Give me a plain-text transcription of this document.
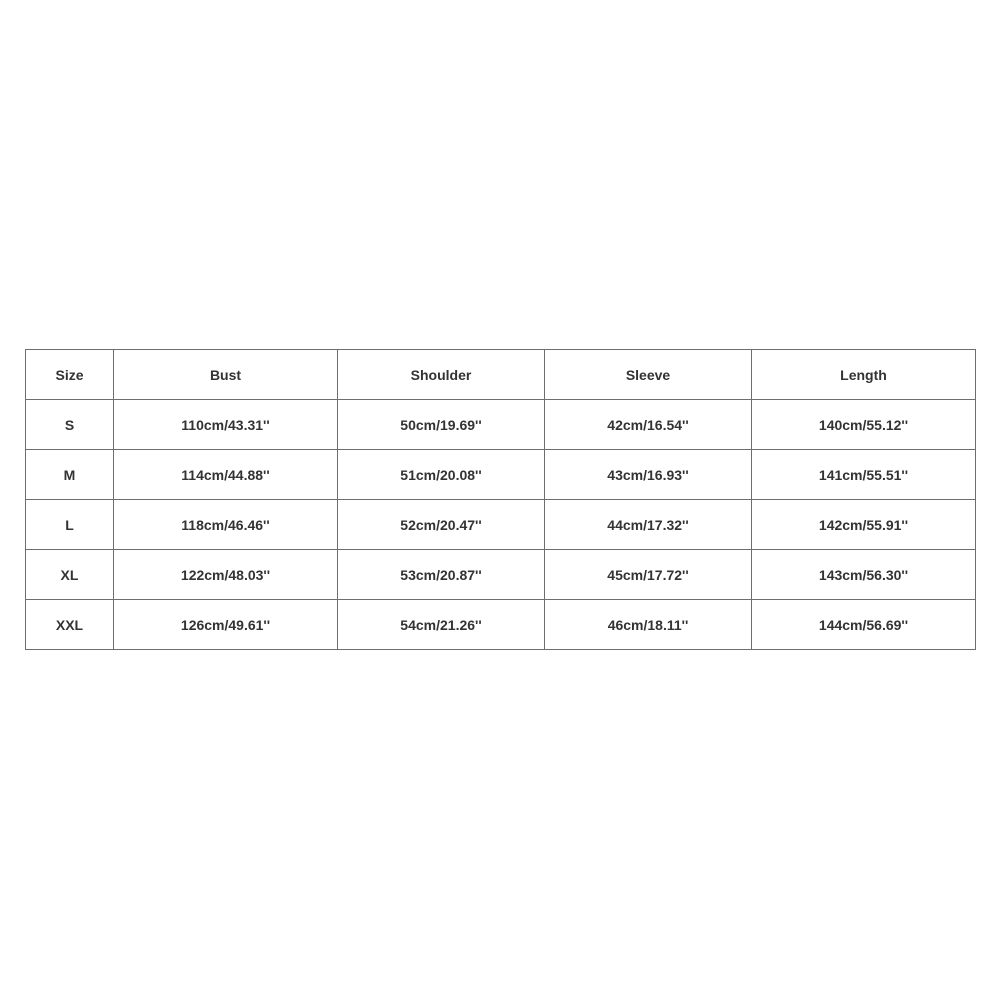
Size	Bust	Shoulder	Sleeve	Length
S	110cm/43.31''	50cm/19.69''	42cm/16.54''	140cm/55.12''
M	114cm/44.88''	51cm/20.08''	43cm/16.93''	141cm/55.51''
L	118cm/46.46''	52cm/20.47''	44cm/17.32''	142cm/55.91''
XL	122cm/48.03''	53cm/20.87''	45cm/17.72''	143cm/56.30''
XXL	126cm/49.61''	54cm/21.26''	46cm/18.11''	144cm/56.69''
